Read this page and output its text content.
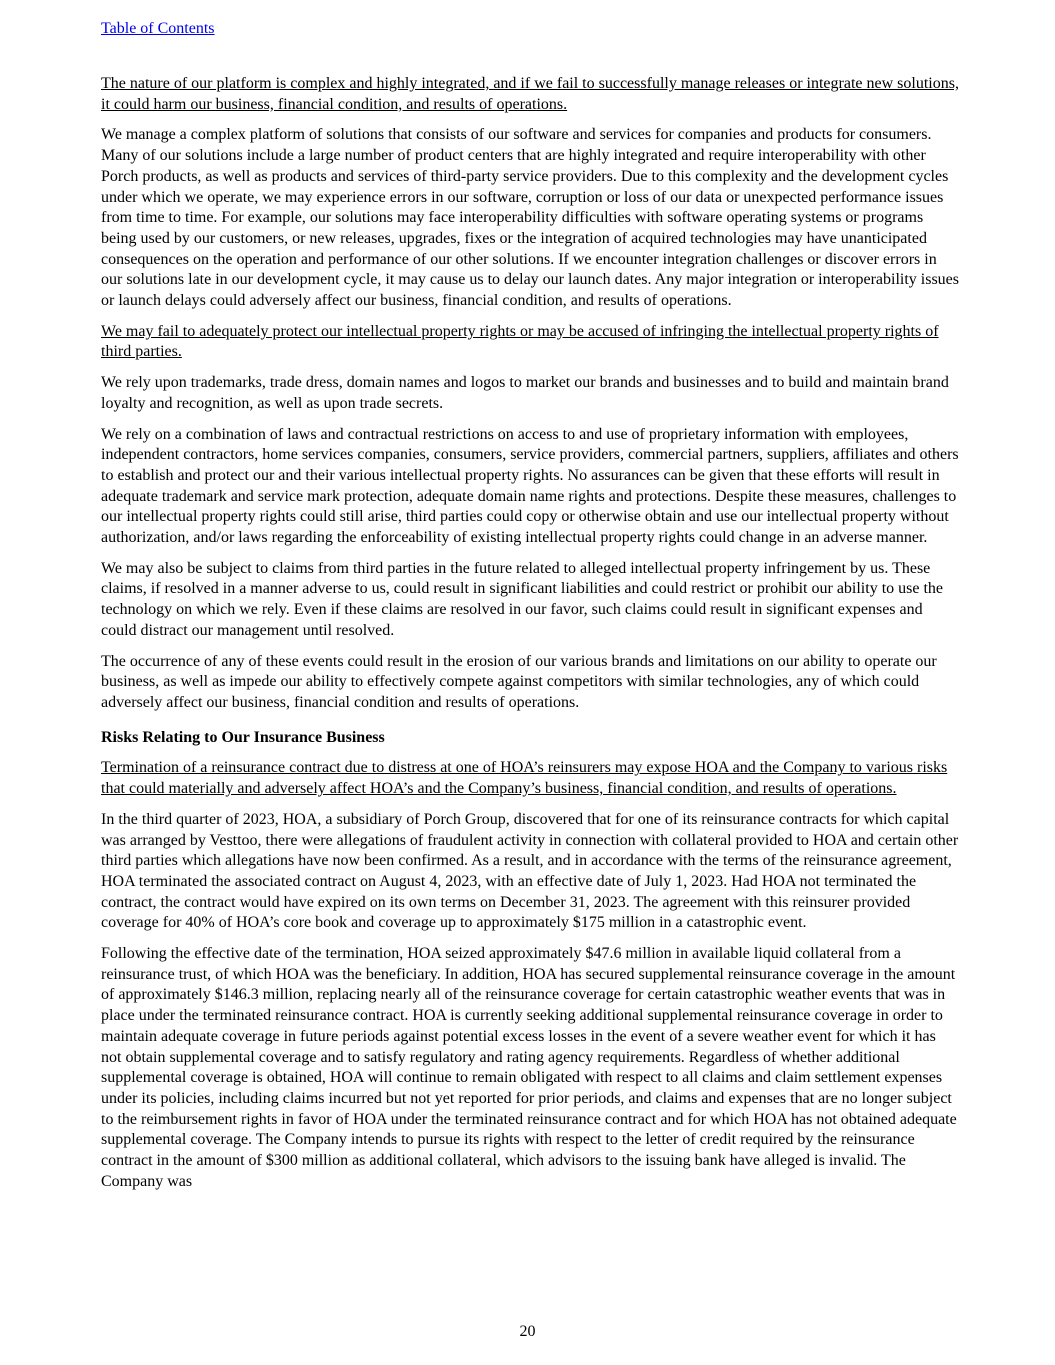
Table of Contents

The nature of our platform is complex and highly integrated, and if we fail to successfully manage releases or integrate new solutions, it could harm our business, financial condition, and results of operations.

We manage a complex platform of solutions that consists of our software and services for companies and products for consumers. Many of our solutions include a large number of product centers that are highly integrated and require interoperability with other Porch products, as well as products and services of third-party service providers. Due to this complexity and the development cycles under which we operate, we may experience errors in our software, corruption or loss of our data or unexpected performance issues from time to time. For example, our solutions may face interoperability difficulties with software operating systems or programs being used by our customers, or new releases, upgrades, fixes or the integration of acquired technologies may have unanticipated consequences on the operation and performance of our other solutions. If we encounter integration challenges or discover errors in our solutions late in our development cycle, it may cause us to delay our launch dates. Any major integration or interoperability issues or launch delays could adversely affect our business, financial condition, and results of operations.

We may fail to adequately protect our intellectual property rights or may be accused of infringing the intellectual property rights of third parties.

We rely upon trademarks, trade dress, domain names and logos to market our brands and businesses and to build and maintain brand loyalty and recognition, as well as upon trade secrets.

We rely on a combination of laws and contractual restrictions on access to and use of proprietary information with employees, independent contractors, home services companies, consumers, service providers, commercial partners, suppliers, affiliates and others to establish and protect our and their various intellectual property rights. No assurances can be given that these efforts will result in adequate trademark and service mark protection, adequate domain name rights and protections. Despite these measures, challenges to our intellectual property rights could still arise, third parties could copy or otherwise obtain and use our intellectual property without authorization, and/or laws regarding the enforceability of existing intellectual property rights could change in an adverse manner.

We may also be subject to claims from third parties in the future related to alleged intellectual property infringement by us. These claims, if resolved in a manner adverse to us, could result in significant liabilities and could restrict or prohibit our ability to use the technology on which we rely. Even if these claims are resolved in our favor, such claims could result in significant expenses and could distract our management until resolved.

The occurrence of any of these events could result in the erosion of our various brands and limitations on our ability to operate our business, as well as impede our ability to effectively compete against competitors with similar technologies, any of which could adversely affect our business, financial condition and results of operations.

Risks Relating to Our Insurance Business

Termination of a reinsurance contract due to distress at one of HOA’s reinsurers may expose HOA and the Company to various risks that could materially and adversely affect HOA’s and the Company’s business, financial condition, and results of operations.

In the third quarter of 2023, HOA, a subsidiary of Porch Group, discovered that for one of its reinsurance contracts for which capital was arranged by Vesttoo, there were allegations of fraudulent activity in connection with collateral provided to HOA and certain other third parties which allegations have now been confirmed. As a result, and in accordance with the terms of the reinsurance agreement, HOA terminated the associated contract on August 4, 2023, with an effective date of July 1, 2023. Had HOA not terminated the contract, the contract would have expired on its own terms on December 31, 2023. The agreement with this reinsurer provided coverage for 40% of HOA’s core book and coverage up to approximately $175 million in a catastrophic event.

Following the effective date of the termination, HOA seized approximately $47.6 million in available liquid collateral from a reinsurance trust, of which HOA was the beneficiary. In addition, HOA has secured supplemental reinsurance coverage in the amount of approximately $146.3 million, replacing nearly all of the reinsurance coverage for certain catastrophic weather events that was in place under the terminated reinsurance contract. HOA is currently seeking additional supplemental reinsurance coverage in order to maintain adequate coverage in future periods against potential excess losses in the event of a severe weather event for which it has not obtain supplemental coverage and to satisfy regulatory and rating agency requirements. Regardless of whether additional supplemental coverage is obtained, HOA will continue to remain obligated with respect to all claims and claim settlement expenses under its policies, including claims incurred but not yet reported for prior periods, and claims and expenses that are no longer subject to the reimbursement rights in favor of HOA under the terminated reinsurance contract and for which HOA has not obtained adequate supplemental coverage. The Company intends to pursue its rights with respect to the letter of credit required by the reinsurance contract in the amount of $300 million as additional collateral, which advisors to the issuing bank have alleged is invalid. The Company was

20
